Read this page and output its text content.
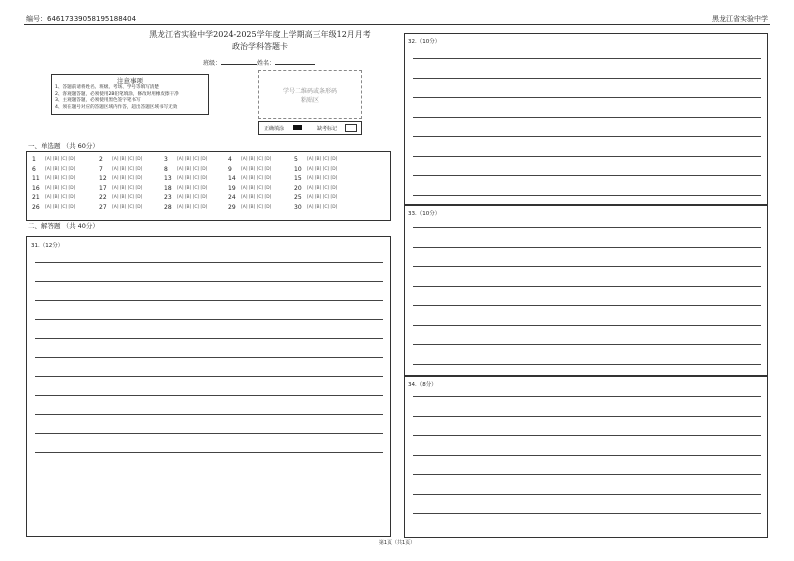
编号：64617339058195188404	黑龙江省实验中学
黑龙江省实验中学2024-2025学年度上学期高三年级12月月考
政治学科答题卡
班级：	姓名：
注意事项
1、答题前请将姓名、班级、考场、学号等填写清楚
2、客观题答题，必须使用2B铅笔填涂，修改时用橡皮擦干净
3、主观题答题，必须使用黑色签字笔书写
4、须在题号对应的答题区域内作答，超出答题区域书写无效
学号二维码或条形码
粘贴区
正确填涂	缺考标记
一、单选题 （共 60分）
1 [A] [B] [C] [D]	2 [A] [B] [C] [D]	3 [A] [B] [C] [D]	4 [A] [B] [C] [D]	5 [A] [B] [C] [D]
6 [A] [B] [C] [D]	7 [A] [B] [C] [D]	8 [A] [B] [C] [D]	9 [A] [B] [C] [D]	10 [A] [B] [C] [D]
11 [A] [B] [C] [D]	12 [A] [B] [C] [D]	13 [A] [B] [C] [D]	14 [A] [B] [C] [D]	15 [A] [B] [C] [D]
16 [A] [B] [C] [D]	17 [A] [B] [C] [D]	18 [A] [B] [C] [D]	19 [A] [B] [C] [D]	20 [A] [B] [C] [D]
21 [A] [B] [C] [D]	22 [A] [B] [C] [D]	23 [A] [B] [C] [D]	24 [A] [B] [C] [D]	25 [A] [B] [C] [D]
26 [A] [B] [C] [D]	27 [A] [B] [C] [D]	28 [A] [B] [C] [D]	29 [A] [B] [C] [D]	30 [A] [B] [C] [D]
二、解答题 （共 40分）
31.（12分）
32.（10分）
33.（10分）
34.（8分）
第1页（共1页）
